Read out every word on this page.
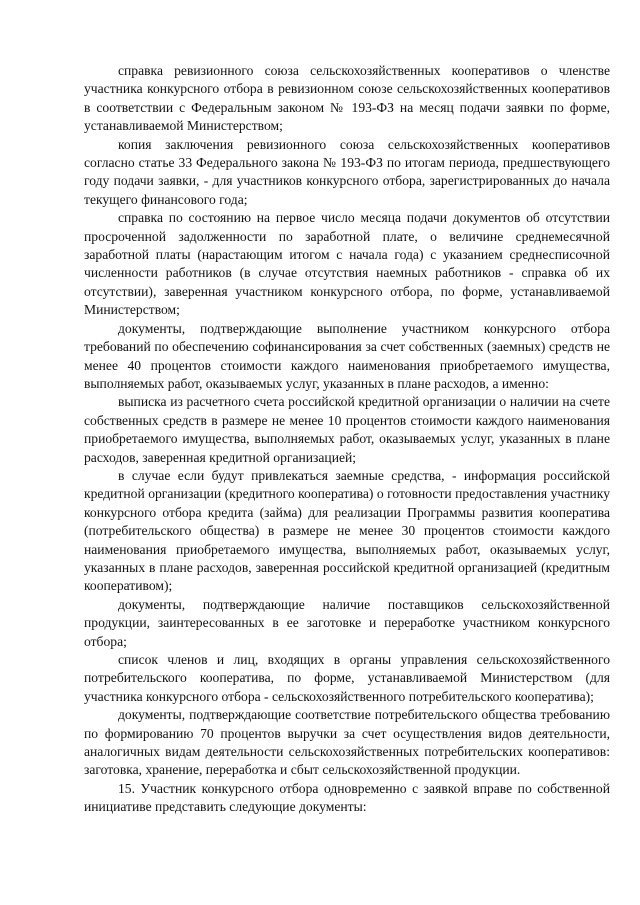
справка ревизионного союза сельскохозяйственных кооперативов о членстве участника конкурсного отбора в ревизионном союзе сельскохозяйственных кооперативов в соответствии с Федеральным законом № 193-ФЗ на месяц подачи заявки по форме, устанавливаемой Министерством;

копия заключения ревизионного союза сельскохозяйственных кооперативов согласно статье 33 Федерального закона № 193-ФЗ по итогам периода, предшествующего году подачи заявки, - для участников конкурсного отбора, зарегистрированных до начала текущего финансового года;

справка по состоянию на первое число месяца подачи документов об отсутствии просроченной задолженности по заработной плате, о величине среднемесячной заработной платы (нарастающим итогом с начала года) с указанием среднесписочной численности работников (в случае отсутствия наемных работников - справка об их отсутствии), заверенная участником конкурсного отбора, по форме, устанавливаемой Министерством;

документы, подтверждающие выполнение участником конкурсного отбора требований по обеспечению софинансирования за счет собственных (заемных) средств не менее 40 процентов стоимости каждого наименования приобретаемого имущества, выполняемых работ, оказываемых услуг, указанных в плане расходов, а именно:

выписка из расчетного счета российской кредитной организации о наличии на счете собственных средств в размере не менее 10 процентов стоимости каждого наименования приобретаемого имущества, выполняемых работ, оказываемых услуг, указанных в плане расходов, заверенная кредитной организацией;

в случае если будут привлекаться заемные средства, - информация российской кредитной организации (кредитного кооператива) о готовности предоставления участнику конкурсного отбора кредита (займа) для реализации Программы развития кооператива (потребительского общества) в размере не менее 30 процентов стоимости каждого наименования приобретаемого имущества, выполняемых работ, оказываемых услуг, указанных в плане расходов, заверенная российской кредитной организацией (кредитным кооперативом);

документы, подтверждающие наличие поставщиков сельскохозяйственной продукции, заинтересованных в ее заготовке и переработке участником конкурсного отбора;

список членов и лиц, входящих в органы управления сельскохозяйственного потребительского кооператива, по форме, устанавливаемой Министерством (для участника конкурсного отбора - сельскохозяйственного потребительского кооператива);

документы, подтверждающие соответствие потребительского общества требованию по формированию 70 процентов выручки за счет осуществления видов деятельности, аналогичных видам деятельности сельскохозяйственных потребительских кооперативов: заготовка, хранение, переработка и сбыт сельскохозяйственной продукции.

15. Участник конкурсного отбора одновременно с заявкой вправе по собственной инициативе представить следующие документы:
